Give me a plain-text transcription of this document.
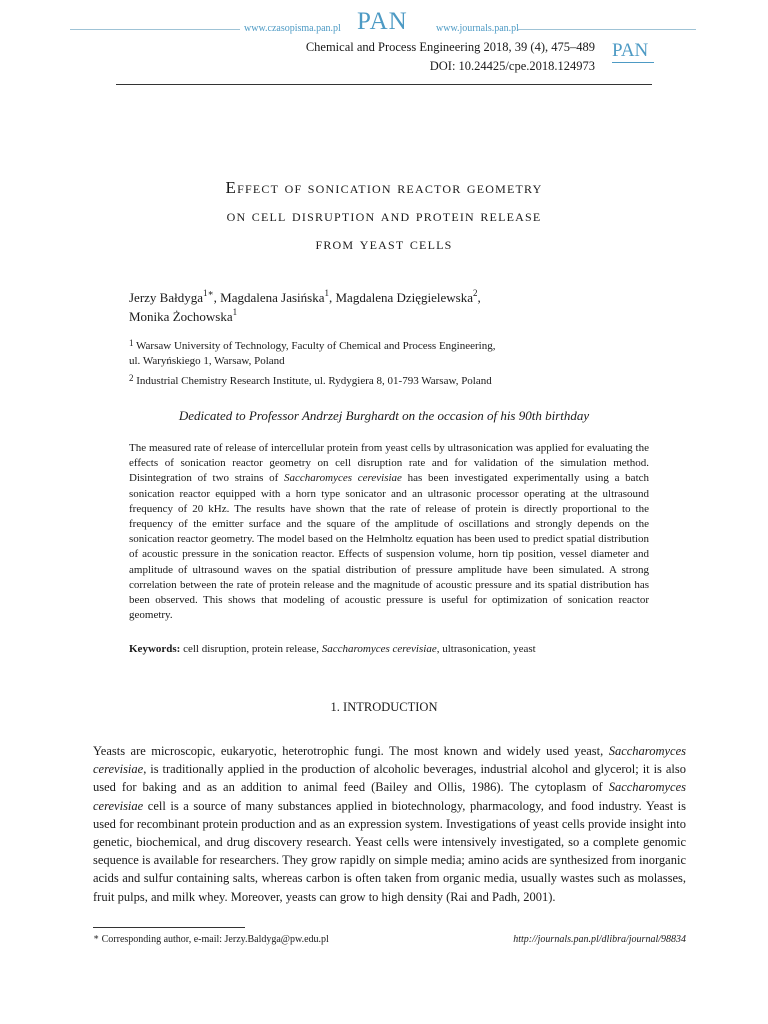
www.czasopisma.pan.pl PAN	www.journals.pan.pl
Chemical and Process Engineering 2018, 39 (4), 475–489
DOI: 10.24425/cpe.2018.124973
PAN
Effect of sonication reactor geometry
on cell disruption and protein release
from yeast cells
Jerzy Bałdyga$^{1∗}$, Magdalena Jasińska$^1$, Magdalena Dzięgielewska$^2$,
Monika Żochowska$^1$
$^1$ Warsaw University of Technology, Faculty of Chemical and Process Engineering,
ul. Waryńskiego 1, Warsaw, Poland
$^2$ Industrial Chemistry Research Institute, ul. Rydygiera 8, 01-793 Warsaw, Poland
Dedicated to Professor Andrzej Burghardt on the occasion of his 90th birthday
The measured rate of release of intercellular protein from yeast cells by ultrasonication was applied for evaluating the effects of sonication reactor geometry on cell disruption rate and for validation of the simulation method. Disintegration of two strains of Saccharomyces cerevisiae has been investigated experimentally using a batch sonication reactor equipped with a horn type sonicator and an ultrasonic processor operating at the ultrasound frequency of 20 kHz. The results have shown that the rate of release of protein is directly proportional to the frequency of the emitter surface and the square of the amplitude of oscillations and strongly depends on the sonication reactor geometry. The model based on the Helmholtz equation has been used to predict spatial distribution of acoustic pressure in the sonication reactor. Effects of suspension volume, horn tip position, vessel diameter and amplitude of ultrasound waves on the spatial distribution of pressure amplitude have been simulated. A strong correlation between the rate of protein release and the magnitude of acoustic pressure and its spatial distribution has been observed. This shows that modeling of acoustic pressure is useful for optimization of sonication reactor geometry.
Keywords: cell disruption, protein release, Saccharomyces cerevisiae, ultrasonication, yeast
1. INTRODUCTION
Yeasts are microscopic, eukaryotic, heterotrophic fungi. The most known and widely used yeast, Saccharomyces cerevisiae, is traditionally applied in the production of alcoholic beverages, industrial alcohol and glycerol; it is also used for baking and as an addition to animal feed (Bailey and Ollis, 1986). The cytoplasm of Saccharomyces cerevisiae cell is a source of many substances applied in biotechnology, pharmacology, and food industry. Yeast is used for recombinant protein production and as an expression system. Investigations of yeast cells provide insight into genetic, biochemical, and drug discovery research. Yeast cells were intensively investigated, so a complete genomic sequence is available for researchers. They grow rapidly on simple media; amino acids are synthesized from inorganic acids and sulfur containing salts, whereas carbon is often taken from organic media, usually wastes such as molasses, fruit pulps, and milk whey. Moreover, yeasts can grow to high density (Rai and Padh, 2001).
∗ Corresponding author, e-mail: Jerzy.Baldyga@pw.edu.pl	http://journals.pan.pl/dlibra/journal/98834
